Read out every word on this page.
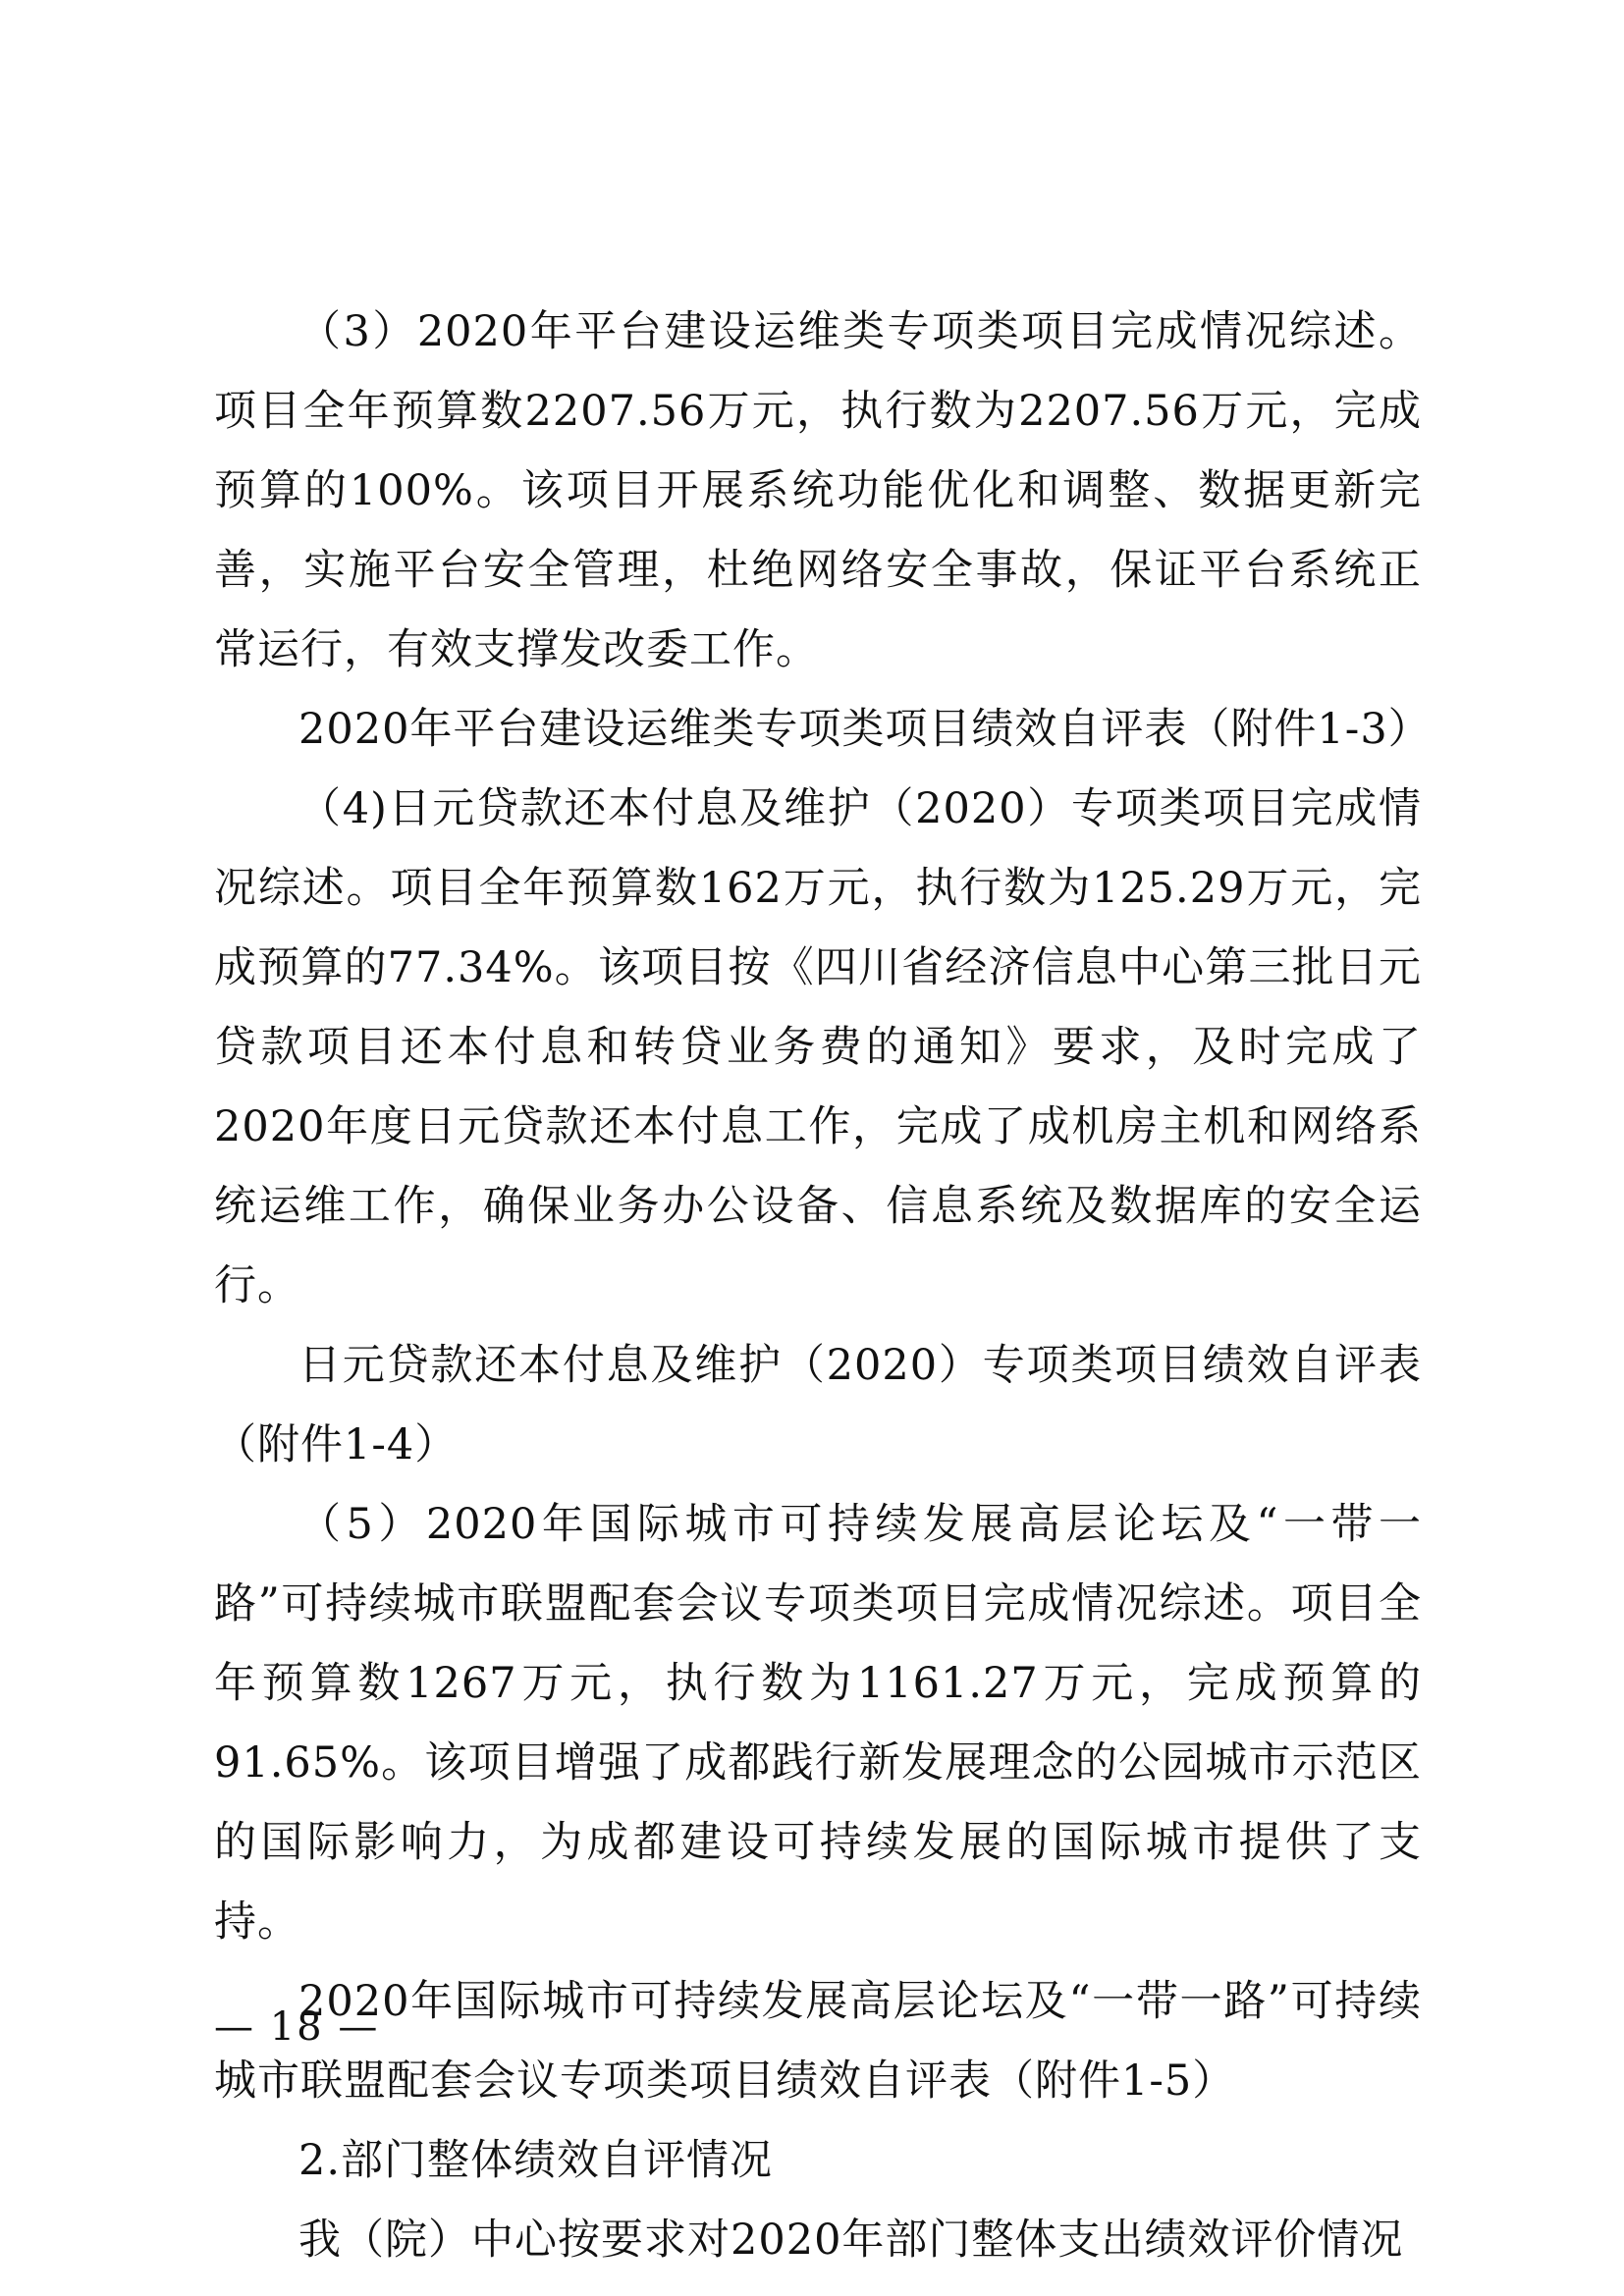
（3）2020年平台建设运维类专项类项目完成情况综述。项目全年预算数2207.56万元，执行数为2207.56万元，完成预算的100%。该项目开展系统功能优化和调整、数据更新完善，实施平台安全管理，杜绝网络安全事故，保证平台系统正常运行，有效支撑发改委工作。

2020年平台建设运维类专项类项目绩效自评表（附件1-3）

（4)日元贷款还本付息及维护（2020）专项类项目完成情况综述。项目全年预算数162万元，执行数为125.29万元，完成预算的77.34%。该项目按《四川省经济信息中心第三批日元贷款项目还本付息和转贷业务费的通知》要求，及时完成了2020年度日元贷款还本付息工作，完成了成机房主机和网络系统运维工作，确保业务办公设备、信息系统及数据库的安全运行。

日元贷款还本付息及维护（2020）专项类项目绩效自评表（附件1-4）

（5）2020年国际城市可持续发展高层论坛及“一带一路”可持续城市联盟配套会议专项类项目完成情况综述。项目全年预算数1267万元，执行数为1161.27万元，完成预算的91.65%。该项目增强了成都践行新发展理念的公园城市示范区的国际影响力，为成都建设可持续发展的国际城市提供了支持。

2020年国际城市可持续发展高层论坛及“一带一路”可持续城市联盟配套会议专项类项目绩效自评表（附件1-5）

2.部门整体绩效自评情况

我（院）中心按要求对2020年部门整体支出绩效评价情况

— 18 —
